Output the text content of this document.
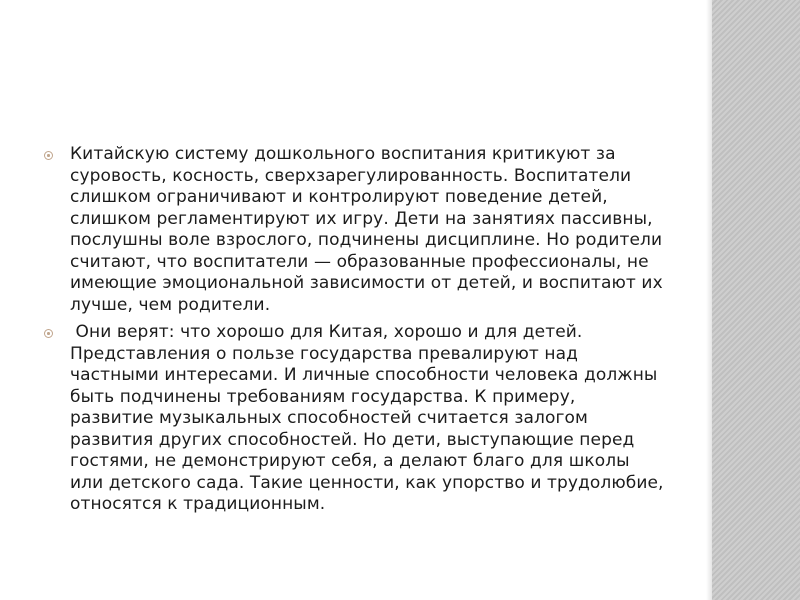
Китайскую систему дошкольного воспитания критикуют за суровость, косность, сверхзарегулированность. Воспитатели слишком ограничивают и контролируют поведение детей, слишком регламентируют их игру. Дети на занятиях пассивны, послушны воле взрослого, подчинены дисциплине. Но родители считают, что воспитатели — образованные профессионалы, не имеющие эмоциональной зависимости от детей, и воспитают их лучше, чем родители.
Они верят: что хорошо для Китая, хорошо и для детей. Представления о пользе государства превалируют над частными интересами. И личные способности человека должны быть подчинены требованиям государства. К примеру, развитие музыкальных способностей считается залогом развития других способностей. Но дети, выступающие перед гостями, не демонстрируют себя, а делают благо для школы или детского сада. Такие ценности, как упорство и трудолюбие, относятся к традиционным.
